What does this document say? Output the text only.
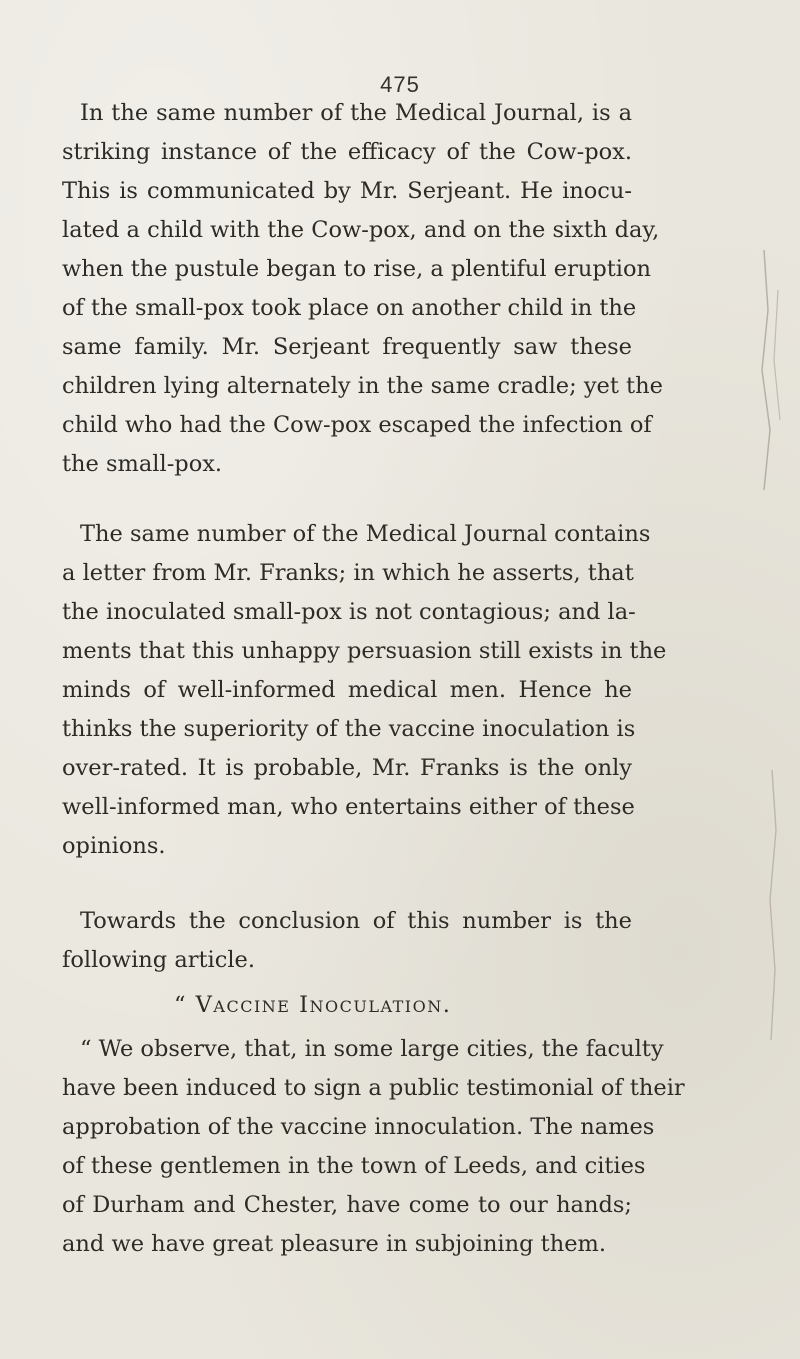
475
In the same number of the Medical Journal, is a
striking instance of the efficacy of the Cow-pox.
This is communicated by Mr. Serjeant. He inocu-
lated a child with the Cow-pox, and on the sixth day,
when the pustule began to rise, a plentiful eruption
of the small-pox took place on another child in the
same family. Mr. Serjeant frequently saw these
children lying alternately in the same cradle; yet the
child who had the Cow-pox escaped the infection of
the small-pox.
The same number of the Medical Journal contains
a letter from Mr. Franks; in which he asserts, that
the inoculated small-pox is not contagious; and la-
ments that this unhappy persuasion still exists in the
minds of well-informed medical men. Hence he
thinks the superiority of the vaccine inoculation is
over-rated. It is probable, Mr. Franks is the only
well-informed man, who entertains either of these
opinions.
Towards the conclusion of this number is the
following article.
“ Vaccine Inoculation.
“ We observe, that, in some large cities, the faculty
have been induced to sign a public testimonial of their
approbation of the vaccine innoculation. The names
of these gentlemen in the town of Leeds, and cities
of Durham and Chester, have come to our hands;
and we have great pleasure in subjoining them.
